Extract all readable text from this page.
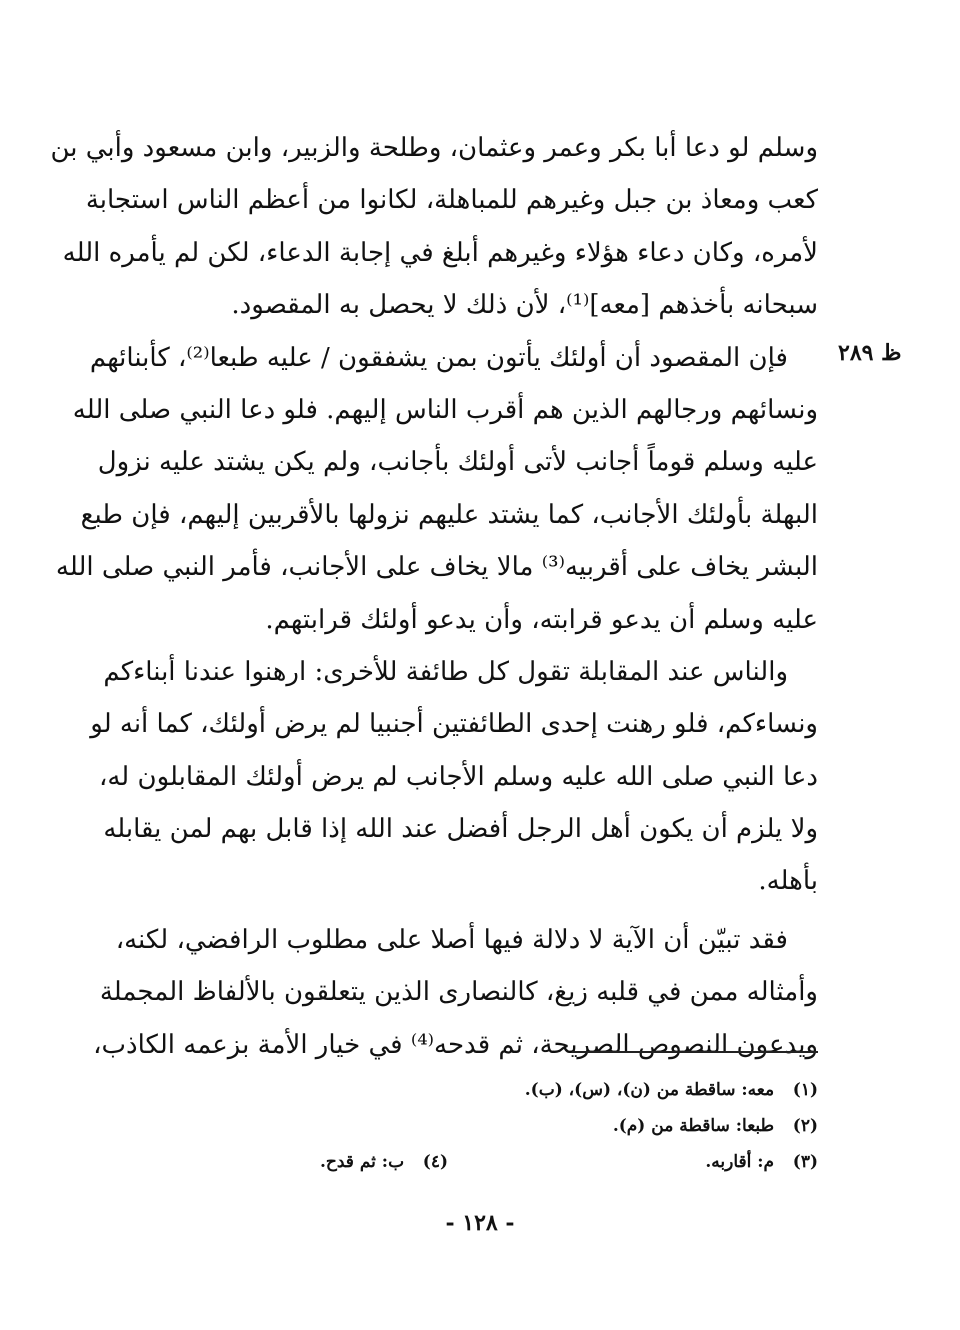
ظ ٢٨٩
وسلم لو دعا أبا بكر وعمر وعثمان، وطلحة والزبير، وابن مسعود وأبي بن
كعب ومعاذ بن جبل وغيرهم للمباهلة، لكانوا من أعظم الناس استجابة
لأمره، وكان دعاء هؤلاء وغيرهم أبلغ في إجابة الدعاء، لكن لم يأمره الله
سبحانه بأخذهم [معه]⁽¹⁾، لأن ذلك لا يحصل به المقصود.
فإن المقصود أن أولئك يأتون بمن يشفقون / عليه طبعا⁽²⁾، كأبنائهم
ونسائهم ورجالهم الذين هم أقرب الناس إليهم. فلو دعا النبي صلى الله
عليه وسلم قوماً أجانب لأتى أولئك بأجانب، ولم يكن يشتد عليه نزول
البهلة بأولئك الأجانب، كما يشتد عليهم نزولها بالأقربين إليهم، فإن طبع
البشر يخاف على أقربيه⁽³⁾ مالا يخاف على الأجانب، فأمر النبي صلى الله
عليه وسلم أن يدعو قرابته، وأن يدعو أولئك قرابتهم.
والناس عند المقابلة تقول كل طائفة للأخرى: ارهنوا عندنا أبناءكم
ونساءكم، فلو رهنت إحدى الطائفتين أجنبيا لم يرض أولئك، كما أنه لو
دعا النبي صلى الله عليه وسلم الأجانب لم يرض أولئك المقابلون له،
ولا يلزم أن يكون أهل الرجل أفضل عند الله إذا قابل بهم لمن يقابله
بأهله.
فقد تبيّن أن الآية لا دلالة فيها أصلا على مطلوب الرافضي، لكنه،
وأمثاله ممن في قلبه زيغ، كالنصارى الذين يتعلقون بالألفاظ المجملة
ويدعون النصوص الصريحة، ثم قدحه⁽⁴⁾ في خيار الأمة بزعمه الكاذب،
(١) معه: ساقطة من (ن)، (س)، (ب).
(٢) طبعا: ساقطة من (م).
(٣) م: أقاربه.
(٤) ب: ثم قدح.
- ١٢٨ -
